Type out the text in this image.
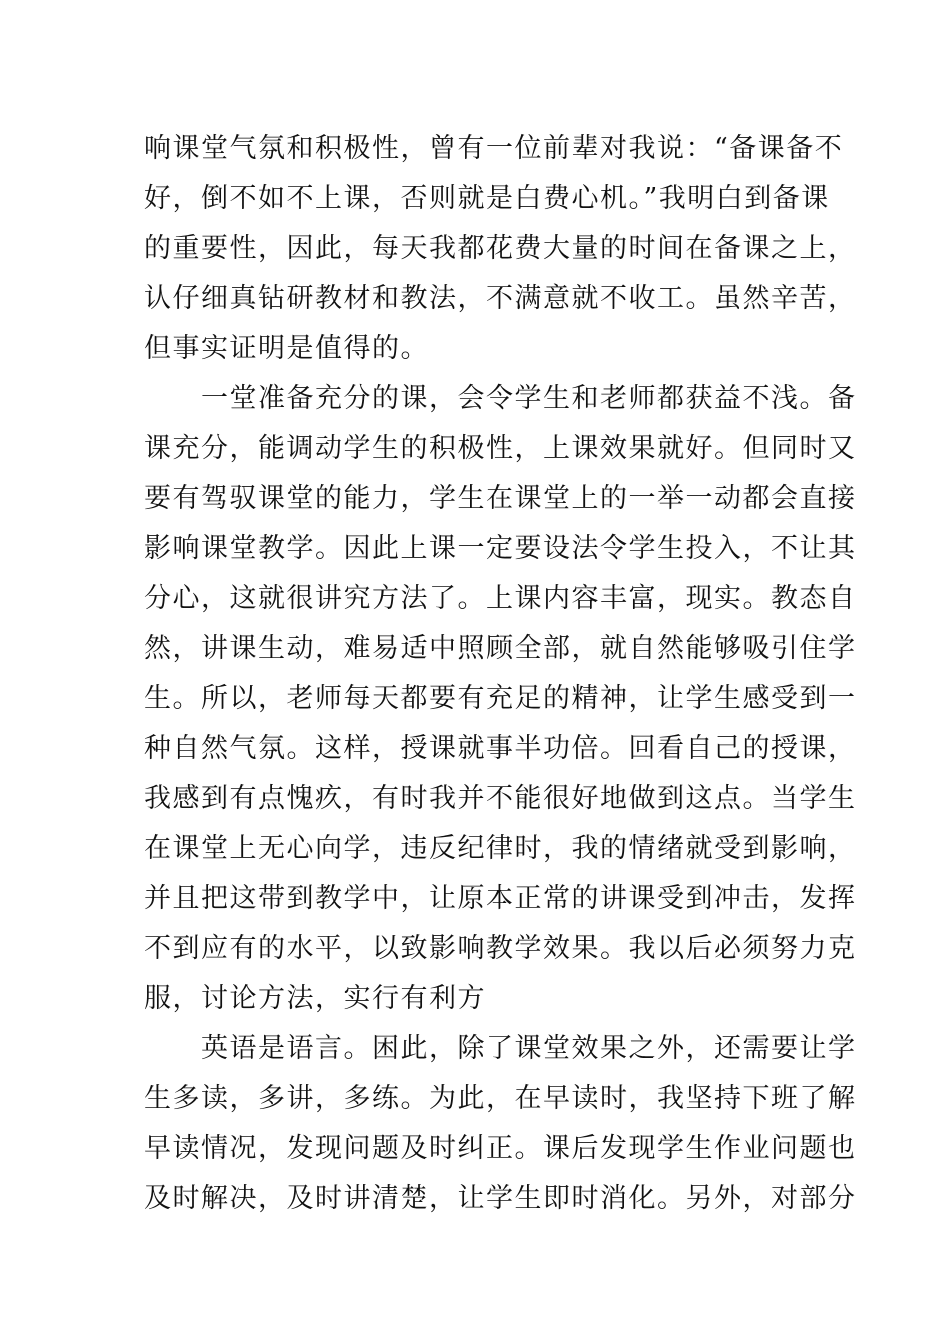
响课堂气氛和积极性，曾有一位前辈对我说：“备课备不
好，倒不如不上课，否则就是白费心机。”我明白到备课
的重要性，因此，每天我都花费大量的时间在备课之上，
认仔细真钻研教材和教法，不满意就不收工。虽然辛苦，
但事实证明是值得的。
一堂准备充分的课，会令学生和老师都获益不浅。备
课充分，能调动学生的积极性，上课效果就好。但同时又
要有驾驭课堂的能力，学生在课堂上的一举一动都会直接
影响课堂教学。因此上课一定要设法令学生投入，不让其
分心，这就很讲究方法了。上课内容丰富，现实。教态自
然，讲课生动，难易适中照顾全部，就自然能够吸引住学
生。所以，老师每天都要有充足的精神，让学生感受到一
种自然气氛。这样，授课就事半功倍。回看自己的授课，
我感到有点愧疚，有时我并不能很好地做到这点。当学生
在课堂上无心向学，违反纪律时，我的情绪就受到影响，
并且把这带到教学中，让原本正常的讲课受到冲击，发挥
不到应有的水平，以致影响教学效果。我以后必须努力克
服，讨论方法，实行有利方
英语是语言。困此，除了课堂效果之外，还需要让学
生多读，多讲，多练。为此，在早读时，我坚持下班了解
早读情况，发现问题及时纠正。课后发现学生作业问题也
及时解决，及时讲清楚，让学生即时消化。另外，对部分
